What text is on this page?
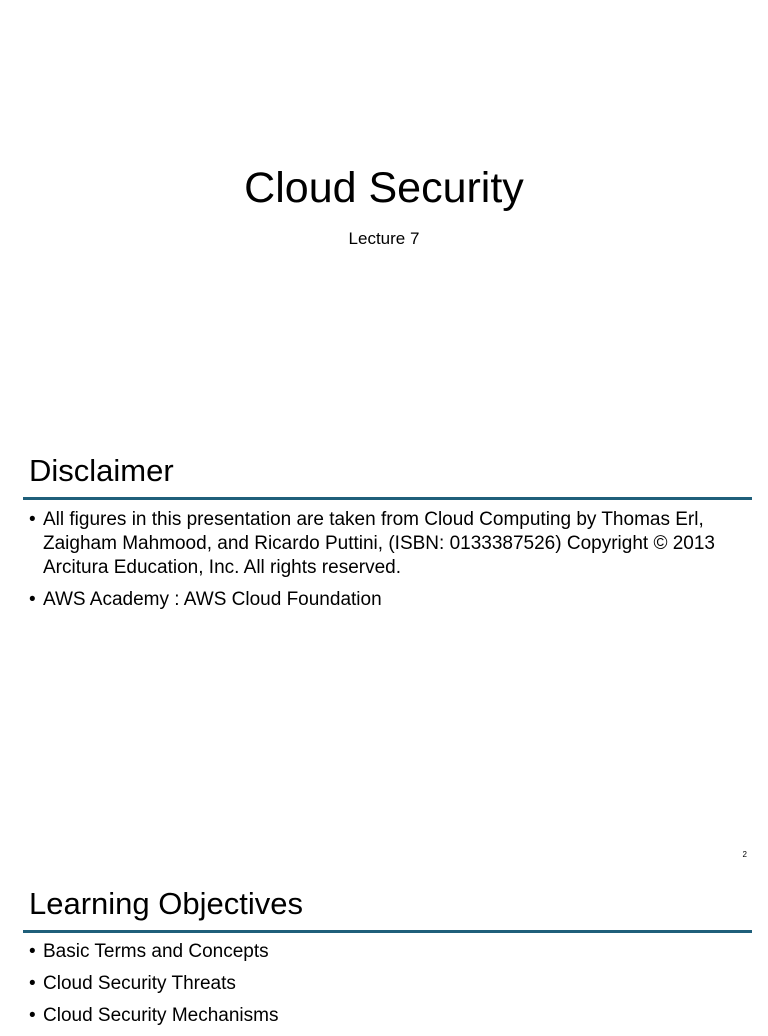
Cloud Security
Lecture 7
Disclaimer
• All figures in this presentation are taken from Cloud Computing by Thomas Erl, Zaigham Mahmood, and Ricardo Puttini, (ISBN: 0133387526) Copyright © 2013 Arcitura Education, Inc. All rights reserved.
• AWS Academy : AWS Cloud Foundation
2
Learning Objectives
• Basic Terms and Concepts
• Cloud Security Threats
• Cloud Security Mechanisms
